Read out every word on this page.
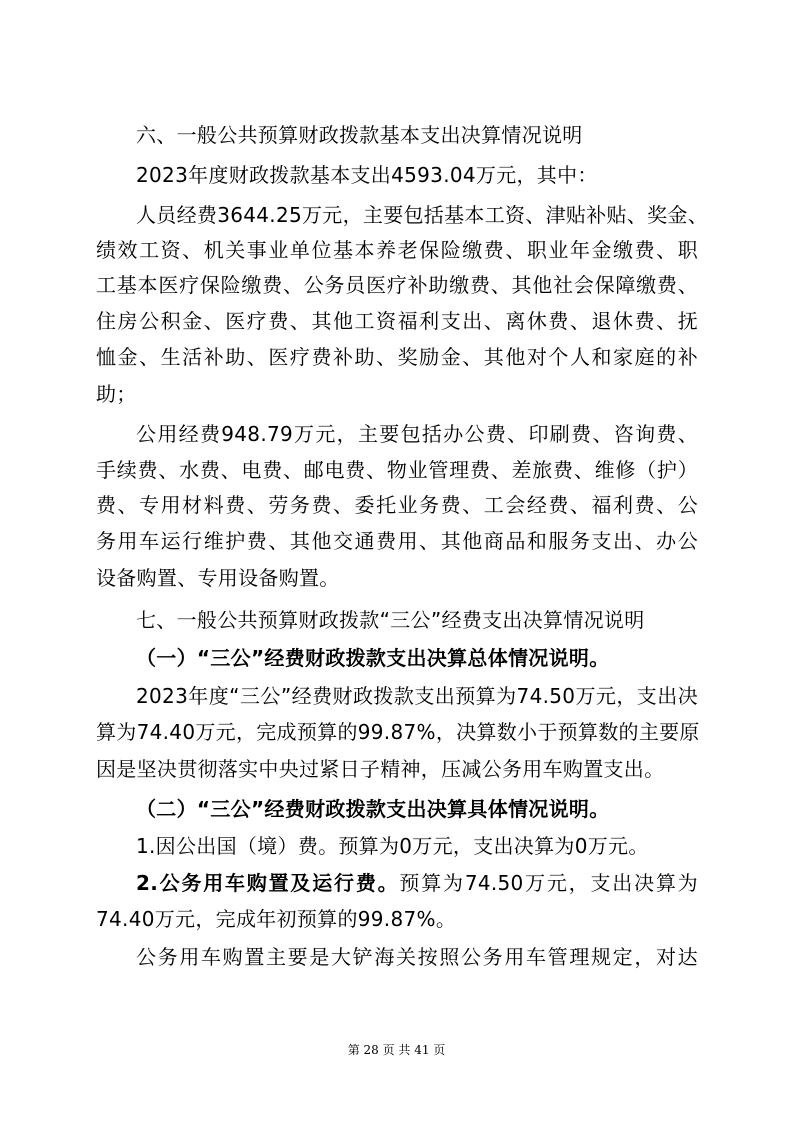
六、一般公共预算财政拨款基本支出决算情况说明
2023年度财政拨款基本支出4593.04万元，其中：
人员经费3644.25万元，主要包括基本工资、津贴补贴、奖金、
绩效工资、机关事业单位基本养老保险缴费、职业年金缴费、职
工基本医疗保险缴费、公务员医疗补助缴费、其他社会保障缴费、
住房公积金、医疗费、其他工资福利支出、离休费、退休费、抚
恤金、生活补助、医疗费补助、奖励金、其他对个人和家庭的补
助；
公用经费948.79万元，主要包括办公费、印刷费、咨询费、
手续费、水费、电费、邮电费、物业管理费、差旅费、维修（护）
费、专用材料费、劳务费、委托业务费、工会经费、福利费、公
务用车运行维护费、其他交通费用、其他商品和服务支出、办公
设备购置、专用设备购置。
七、一般公共预算财政拨款“三公”经费支出决算情况说明
（一）“三公”经费财政拨款支出决算总体情况说明。
2023年度“三公”经费财政拨款支出预算为74.50万元，支出决
算为74.40万元，完成预算的99.87%，决算数小于预算数的主要原
因是坚决贯彻落实中央过紧日子精神，压减公务用车购置支出。
（二）“三公”经费财政拨款支出决算具体情况说明。
1.因公出国（境）费。预算为0万元，支出决算为0万元。
2.公务用车购置及运行费。预算为74.50万元，支出决算为
74.40万元，完成年初预算的99.87%。
公务用车购置主要是大铲海关按照公务用车管理规定，对达
第 28 页 共 41 页
